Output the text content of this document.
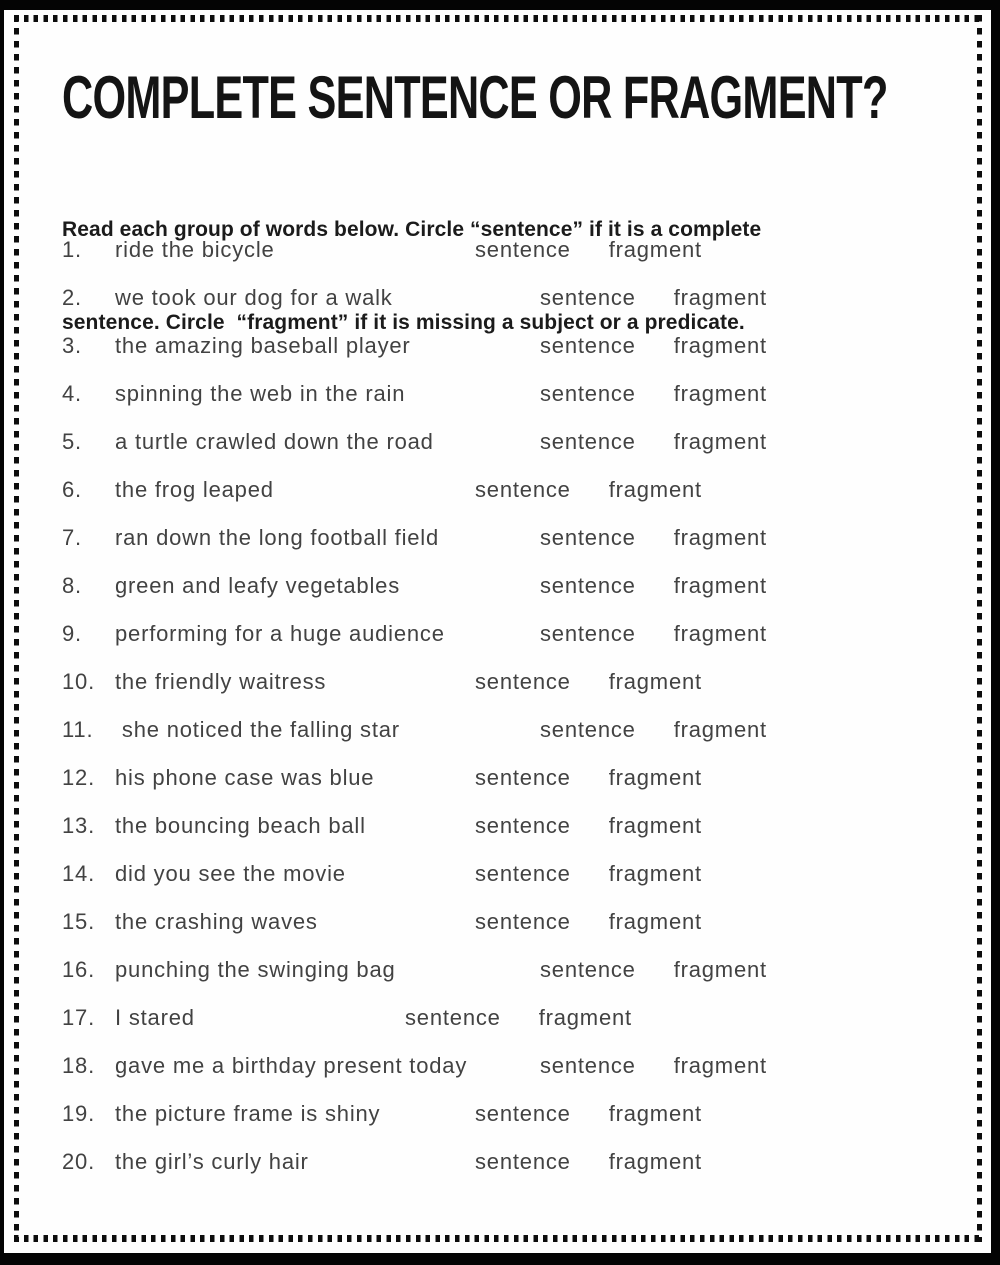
COMPLETE SENTENCE OR FRAGMENT?

Read each group of words below. Circle “sentence” if it is a complete

sentence. Circle  “fragment” if it is missing a subject or a predicate.

1. ride the bicycle	sentence fragment
2. we took our dog for a walk	sentence fragment
3. the amazing baseball player	sentence fragment
4. spinning the web in the rain	sentence fragment
5. a turtle crawled down the road	sentence fragment
6. the frog leaped	sentence fragment
7. ran down the long football field	sentence fragment
8. green and leafy vegetables	sentence fragment
9. performing for a huge audience	sentence fragment
10. the friendly waitress	sentence fragment
11. she noticed the falling star	sentence fragment
12. his phone case was blue	sentence fragment
13. the bouncing beach ball	sentence fragment
14. did you see the movie	sentence fragment
15. the crashing waves	sentence fragment
16. punching the swinging bag	sentence fragment
17. I stared	sentence fragment
18. gave me a birthday present today	sentence fragment
19. the picture frame is shiny	sentence fragment
20. the girl’s curly hair	sentence fragment
